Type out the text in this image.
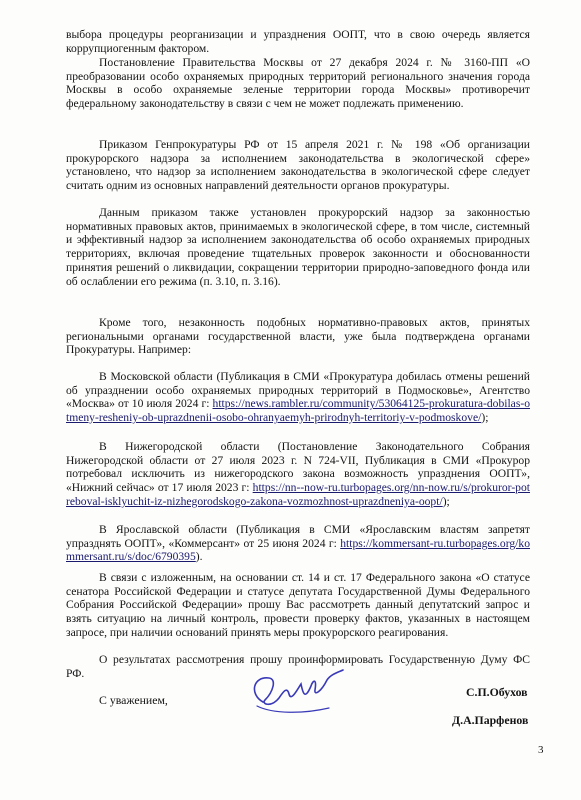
выбора процедуры реорганизации и упразднения ООПТ, что в свою очередь является коррупциогенным фактором.

Постановление Правительства Москвы от 27 декабря 2024 г. № 3160-ПП «О преобразовании особо охраняемых природных территорий регионального значения города Москвы в особо охраняемые зеленые территории города Москвы» противоречит федеральному законодательству в связи с чем не может подлежать применению.

Приказом Генпрокуратуры РФ от 15 апреля 2021 г. № 198 «Об организации прокурорского надзора за исполнением законодательства в экологической сфере» установлено, что надзор за исполнением законодательства в экологической сфере следует считать одним из основных направлений деятельности органов прокуратуры.

Данным приказом также установлен прокурорский надзор за законностью нормативных правовых актов, принимаемых в экологической сфере, в том числе, системный и эффективный надзор за исполнением законодательства об особо охраняемых природных территориях, включая проведение тщательных проверок законности и обоснованности принятия решений о ликвидации, сокращении территории природно-заповедного фонда или об ослаблении его режима (п. 3.10, п. 3.16).

Кроме того, незаконность подобных нормативно-правовых актов, принятых региональными органами государственной власти, уже была подтверждена органами Прокуратуры. Например:

В Московской области (Публикация в СМИ «Прокуратура добилась отмены решений об упразднении особо охраняемых природных территорий в Подмосковье», Агентство «Москва» от 10 июля 2024 г: https://news.rambler.ru/community/53064125-prokuratura-dobilas-otmeny-resheniy-ob-uprazdnenii-osobo-ohranyaemyh-prirodnyh-territoriy-v-podmoskove/);

В Нижегородской области (Постановление Законодательного Собрания Нижегородской области от 27 июля 2023 г. N 724-VII, Публикация в СМИ «Прокурор потребовал исключить из нижегородского закона возможность упразднения ООПТ», «Нижний сейчас» от 17 июля 2023 г: https://nn--now-ru.turbopages.org/nn-now.ru/s/prokuror-potreboval-isklyuchit-iz-nizhegorodskogo-zakona-vozmozhnost-uprazdneniya-oopt/);

В Ярославской области (Публикация в СМИ «Ярославским властям запретят упразднять ООПТ», «Коммерсант» от 25 июня 2024 г: https://kommersant-ru.turbopages.org/kommersant.ru/s/doc/6790395).

В связи с изложенным, на основании ст. 14 и ст. 17 Федерального закона «О статусе сенатора Российской Федерации и статусе депутата Государственной Думы Федерального Собрания Российской Федерации» прошу Вас рассмотреть данный депутатский запрос и взять ситуацию на личный контроль, провести проверку фактов, указанных в настоящем запросе, при наличии оснований принять меры прокурорского реагирования.

О результатах рассмотрения прошу проинформировать Государственную Думу ФС РФ.

С уважением,
С.П.Обухов
Д.А.Парфенов
3
